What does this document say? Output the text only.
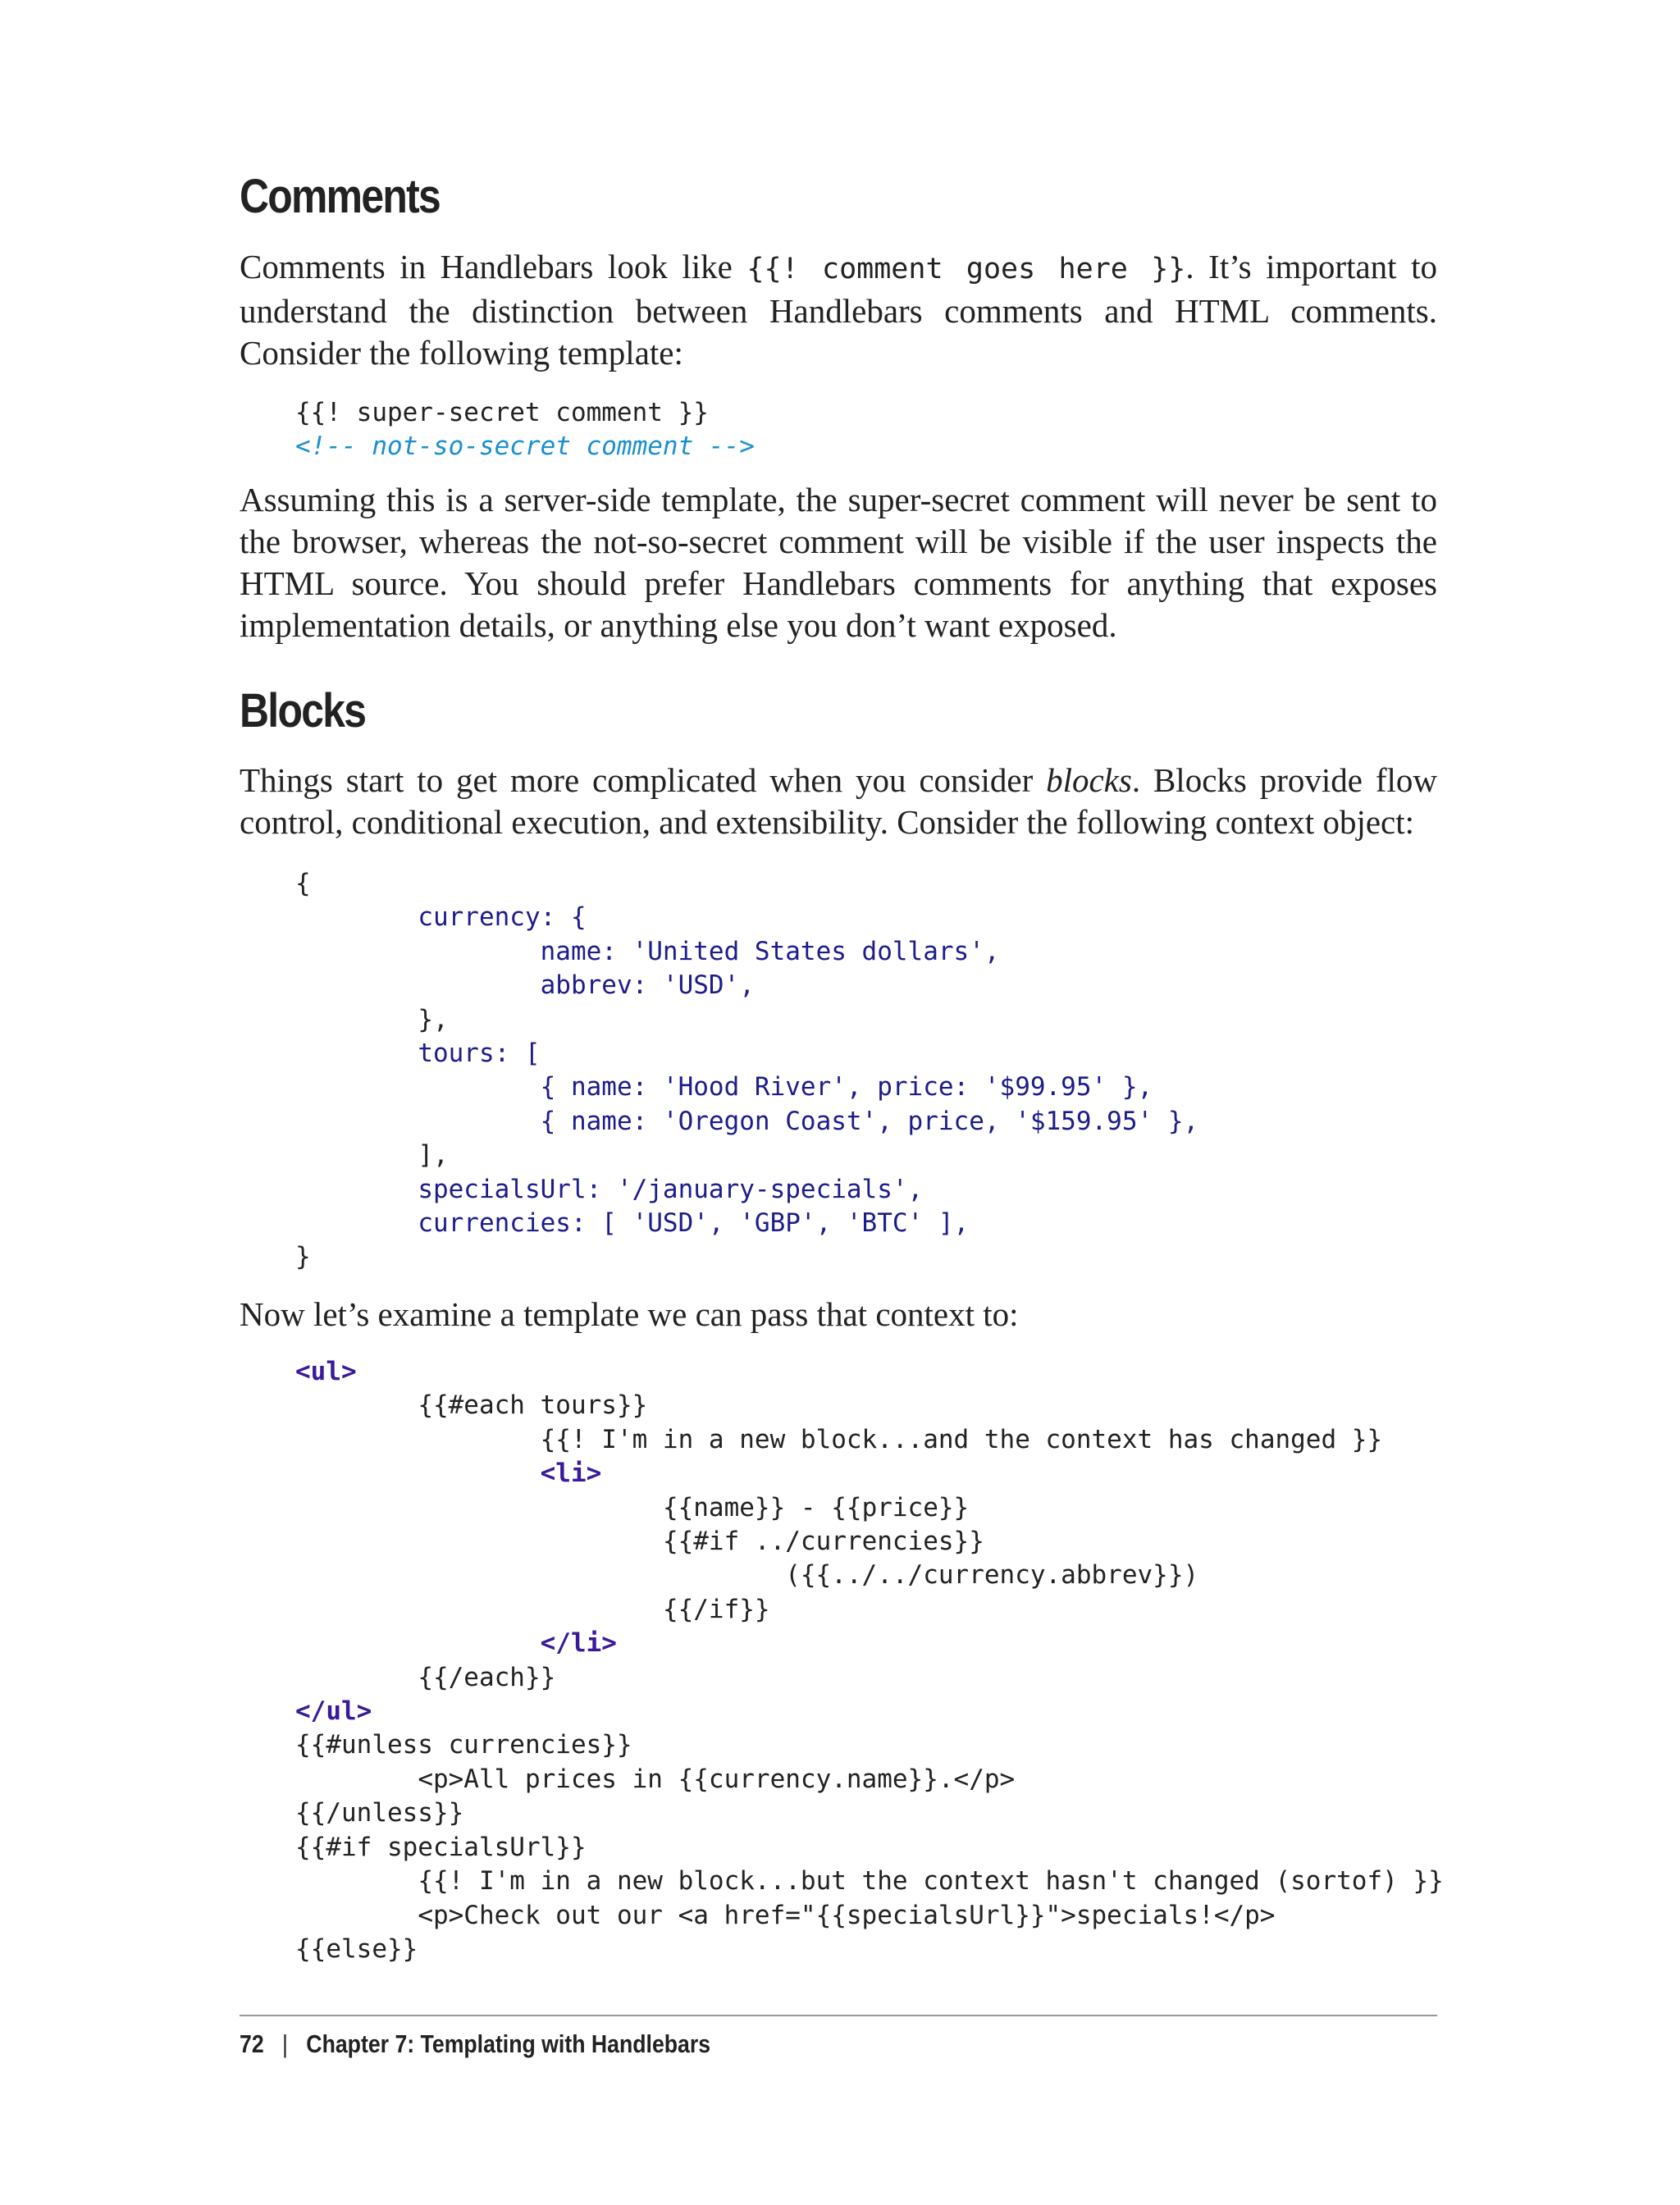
Comments

Comments in Handlebars look like {{! comment goes here }}. It’s important to understand the distinction between Handlebars comments and HTML comments. Consider the following template:

{{! super-secret comment }}
<!-- not-so-secret comment -->

Assuming this is a server-side template, the super-secret comment will never be sent to the browser, whereas the not-so-secret comment will be visible if the user inspects the HTML source. You should prefer Handlebars comments for anything that exposes implementation details, or anything else you don’t want exposed.

Blocks

Things start to get more complicated when you consider blocks. Blocks provide flow control, conditional execution, and extensibility. Consider the following context object:

{
currency: {
name: 'United States dollars',
abbrev: 'USD',
},
tours: [
{ name: 'Hood River', price: '$99.95' },
{ name: 'Oregon Coast', price, '$159.95' },
],
specialsUrl: '/january-specials',
currencies: [ 'USD', 'GBP', 'BTC' ],
}

Now let’s examine a template we can pass that context to:

<ul>
{{#each tours}}
{{! I'm in a new block...and the context has changed }}
<li>
{{name}} - {{price}}
{{#if ../currencies}}
({{../../currency.abbrev}})
{{/if}}
</li>
{{/each}}
</ul>
{{#unless currencies}}
<p>All prices in {{currency.name}}.</p>
{{/unless}}
{{#if specialsUrl}}
{{! I'm in a new block...but the context hasn't changed (sortof) }}
<p>Check out our <a href="{{specialsUrl}}">specials!</p>
{{else}}
72 | Chapter 7: Templating with Handlebars
